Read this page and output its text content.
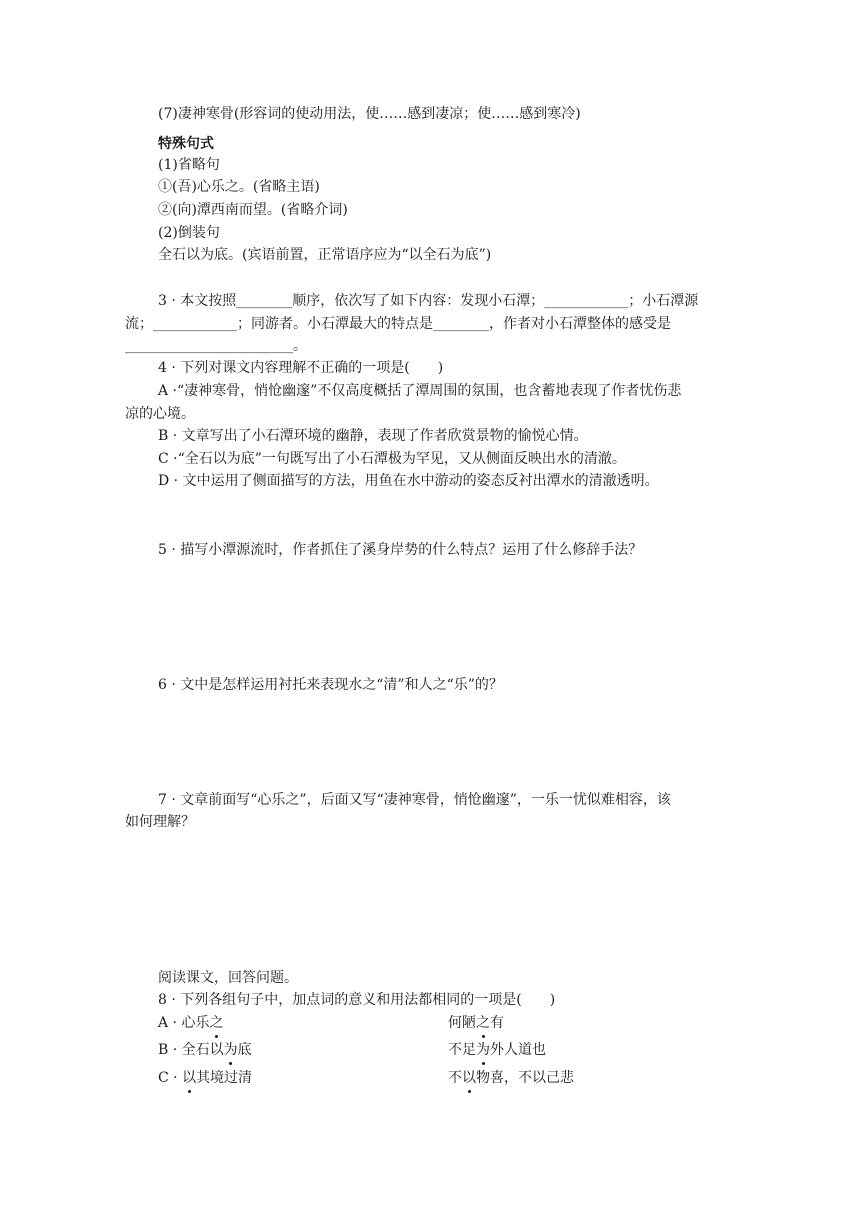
(7)凄神寒骨(形容词的使动用法，使……感到凄凉；使……感到寒冷)

特殊句式

(1)省略句

①(吾)心乐之。(省略主语)

②(向)潭西南而望。(省略介词)

(2)倒装句

全石以为底。(宾语前置，正常语序应为“以全石为底”)

3 · 本文按照________顺序，依次写了如下内容：发现小石潭；____________；小石潭源

流；____________；同游者。小石潭最大的特点是________，作者对小石潭整体的感受是

________________________。

4 · 下列对课文内容理解不正确的一项是(　　)

A ·“凄神寒骨，悄怆幽邃”不仅高度概括了潭周围的氛围，也含蓄地表现了作者忧伤悲

凉的心境。

B · 文章写出了小石潭环境的幽静，表现了作者欣赏景物的愉悦心情。

C ·“全石以为底”一句既写出了小石潭极为罕见，又从侧面反映出水的清澈。

D · 文中运用了侧面描写的方法，用鱼在水中游动的姿态反衬出潭水的清澈透明。

5 · 描写小潭源流时，作者抓住了溪身岸势的什么特点？运用了什么修辞手法？

6 · 文中是怎样运用衬托来表现水之“清”和人之“乐”的？

7 · 文章前面写“心乐之”，后面又写“凄神寒骨，悄怆幽邃”，一乐一忧似难相容，该

如何理解？

阅读课文，回答问题。

8 · 下列各组句子中，加点词的意义和用法都相同的一项是(　　)

A · 心乐之	何陋之有

B · 全石以为底	不足为外人道也

C · 以其境过清	不以物喜，不以己悲
